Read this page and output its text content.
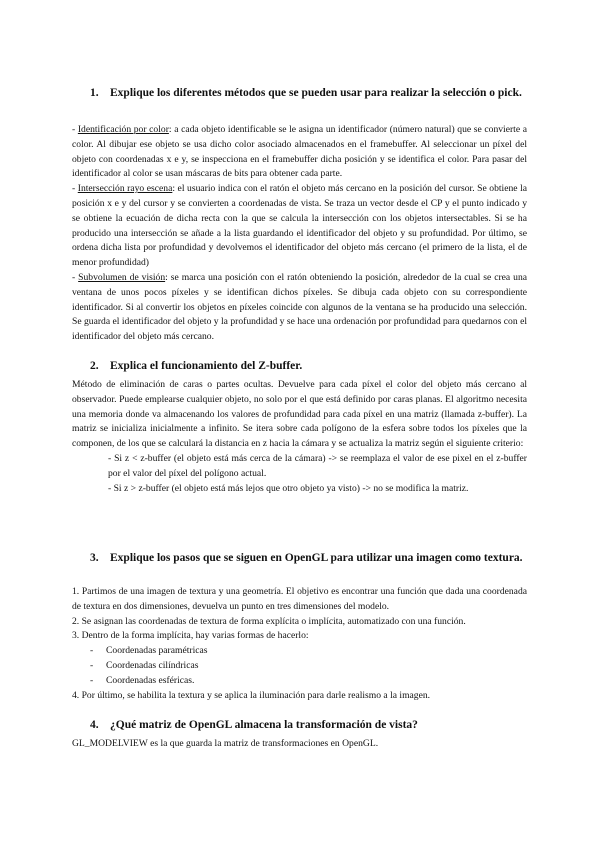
1. Explique los diferentes métodos que se pueden usar para realizar la selección o pick.

- Identificación por color: a cada objeto identificable se le asigna un identificador (número natural) que se convierte a color. Al dibujar ese objeto se usa dicho color asociado almacenados en el framebuffer. Al seleccionar un píxel del objeto con coordenadas x e y, se inspecciona en el framebuffer dicha posición y se identifica el color. Para pasar del identificador al color se usan máscaras de bits para obtener cada parte.

- Intersección rayo escena: el usuario indica con el ratón el objeto más cercano en la posición del cursor. Se obtiene la posición x e y del cursor y se convierten a coordenadas de vista. Se traza un vector desde el CP y el punto indicado y se obtiene la ecuación de dicha recta con la que se calcula la intersección con los objetos intersectables. Si se ha producido una intersección se añade a la lista guardando el identificador del objeto y su profundidad. Por último, se ordena dicha lista por profundidad y devolvemos el identificador del objeto más cercano (el primero de la lista, el de menor profundidad)

- Subvolumen de visión: se marca una posición con el ratón obteniendo la posición, alrededor de la cual se crea una ventana de unos pocos píxeles y se identifican dichos píxeles. Se dibuja cada objeto con su correspondiente identificador. Si al convertir los objetos en píxeles coincide con algunos de la ventana se ha producido una selección. Se guarda el identificador del objeto y la profundidad y se hace una ordenación por profundidad para quedarnos con el identificador del objeto más cercano.

2. Explica el funcionamiento del Z-buffer.

Método de eliminación de caras o partes ocultas. Devuelve para cada píxel el color del objeto más cercano al observador. Puede emplearse cualquier objeto, no solo por el que está definido por caras planas. El algoritmo necesita una memoria donde va almacenando los valores de profundidad para cada píxel en una matriz (llamada z-buffer). La matriz se inicializa inicialmente a infinito. Se itera sobre cada polígono de la esfera sobre todos los píxeles que la componen, de los que se calculará la distancia en z hacia la cámara y se actualiza la matriz según el siguiente criterio:

- Si z < z-buffer (el objeto está más cerca de la cámara) -> se reemplaza el valor de ese pixel en el z-buffer por el valor del píxel del polígono actual.

- Si z > z-buffer (el objeto está más lejos que otro objeto ya visto) -> no se modifica la matriz.

3. Explique los pasos que se siguen en OpenGL para utilizar una imagen como textura.

1. Partimos de una imagen de textura y una geometría. El objetivo es encontrar una función que dada una coordenada de textura en dos dimensiones, devuelva un punto en tres dimensiones del modelo.

2. Se asignan las coordenadas de textura de forma explícita o implícita, automatizado con una función.

3. Dentro de la forma implícita, hay varias formas de hacerlo:

- Coordenadas paramétricas

- Coordenadas cilíndricas

- Coordenadas esféricas.

4. Por último, se habilita la textura y se aplica la iluminación para darle realismo a la imagen.

4. ¿Qué matriz de OpenGL almacena la transformación de vista?

GL_MODELVIEW es la que guarda la matriz de transformaciones en OpenGL.
